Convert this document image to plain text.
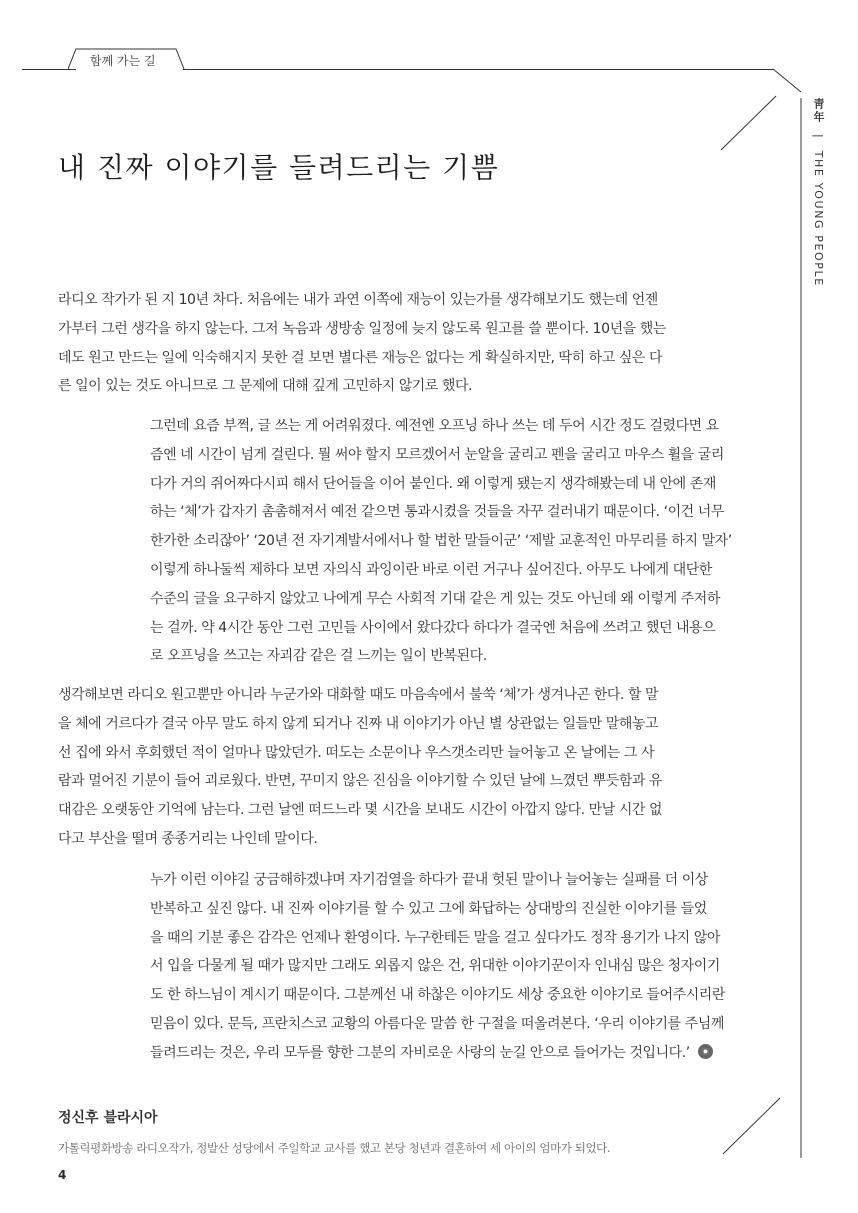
함께 가는 길
靑年 | THE YOUNG PEOPLE
내 진짜 이야기를 들려드리는 기쁨
라디오 작가가 된 지 10년 차다. 처음에는 내가 과연 이쪽에 재능이 있는가를 생각해보기도 했는데 언젠
가부터 그런 생각을 하지 않는다. 그저 녹음과 생방송 일정에 늦지 않도록 원고를 쓸 뿐이다. 10년을 했는
데도 원고 만드는 일에 익숙해지지 못한 걸 보면 별다른 재능은 없다는 게 확실하지만, 딱히 하고 싶은 다
른 일이 있는 것도 아니므로 그 문제에 대해 깊게 고민하지 않기로 했다.
그런데 요즘 부쩍, 글 쓰는 게 어려워졌다. 예전엔 오프닝 하나 쓰는 데 두어 시간 정도 걸렸다면 요
즘엔 네 시간이 넘게 걸린다. 뭘 써야 할지 모르겠어서 눈알을 굴리고 펜을 굴리고 마우스 휠을 굴리
다가 거의 쥐어짜다시피 해서 단어들을 이어 붙인다. 왜 이렇게 됐는지 생각해봤는데 내 안에 존재
하는 ‘체’가 갑자기 촘촘해져서 예전 같으면 통과시켰을 것들을 자꾸 걸러내기 때문이다. ‘이건 너무
한가한 소리잖아’ ‘20년 전 자기계발서에서나 할 법한 말들이군’ ‘제발 교훈적인 마무리를 하지 말자’
이렇게 하나둘씩 제하다 보면 자의식 과잉이란 바로 이런 거구나 싶어진다. 아무도 나에게 대단한
수준의 글을 요구하지 않았고 나에게 무슨 사회적 기대 같은 게 있는 것도 아닌데 왜 이렇게 주저하
는 걸까. 약 4시간 동안 그런 고민들 사이에서 왔다갔다 하다가 결국엔 처음에 쓰려고 했던 내용으
로 오프닝을 쓰고는 자괴감 같은 걸 느끼는 일이 반복된다.
생각해보면 라디오 원고뿐만 아니라 누군가와 대화할 때도 마음속에서 불쑥 ‘체’가 생겨나곤 한다. 할 말
을 체에 거르다가 결국 아무 말도 하지 않게 되거나 진짜 내 이야기가 아닌 별 상관없는 일들만 말해놓고
선 집에 와서 후회했던 적이 얼마나 많았던가. 떠도는 소문이나 우스갯소리만 늘어놓고 온 날에는 그 사
람과 멀어진 기분이 들어 괴로웠다. 반면, 꾸미지 않은 진심을 이야기할 수 있던 날에 느꼈던 뿌듯함과 유
대감은 오랫동안 기억에 남는다. 그런 날엔 떠드느라 몇 시간을 보내도 시간이 아깝지 않다. 만날 시간 없
다고 부산을 떨며 종종거리는 나인데 말이다.
누가 이런 이야길 궁금해하겠냐며 자기검열을 하다가 끝내 헛된 말이나 늘어놓는 실패를 더 이상
반복하고 싶진 않다. 내 진짜 이야기를 할 수 있고 그에 화답하는 상대방의 진실한 이야기를 들었
을 때의 기분 좋은 감각은 언제나 환영이다. 누구한테든 말을 걸고 싶다가도 정작 용기가 나지 않아
서 입을 다물게 될 때가 많지만 그래도 외롭지 않은 건, 위대한 이야기꾼이자 인내심 많은 청자이기
도 한 하느님이 계시기 때문이다. 그분께선 내 하찮은 이야기도 세상 중요한 이야기로 들어주시리란
믿음이 있다. 문득, 프란치스코 교황의 아름다운 말씀 한 구절을 떠올려본다. ‘우리 이야기를 주님께
들려드리는 것은, 우리 모두를 향한 그분의 자비로운 사랑의 눈길 안으로 들어가는 것입니다.’
정신후 블라시아
가톨릭평화방송 라디오작가, 정발산 성당에서 주일학교 교사를 했고 본당 청년과 결혼하여 세 아이의 엄마가 되었다.
4
